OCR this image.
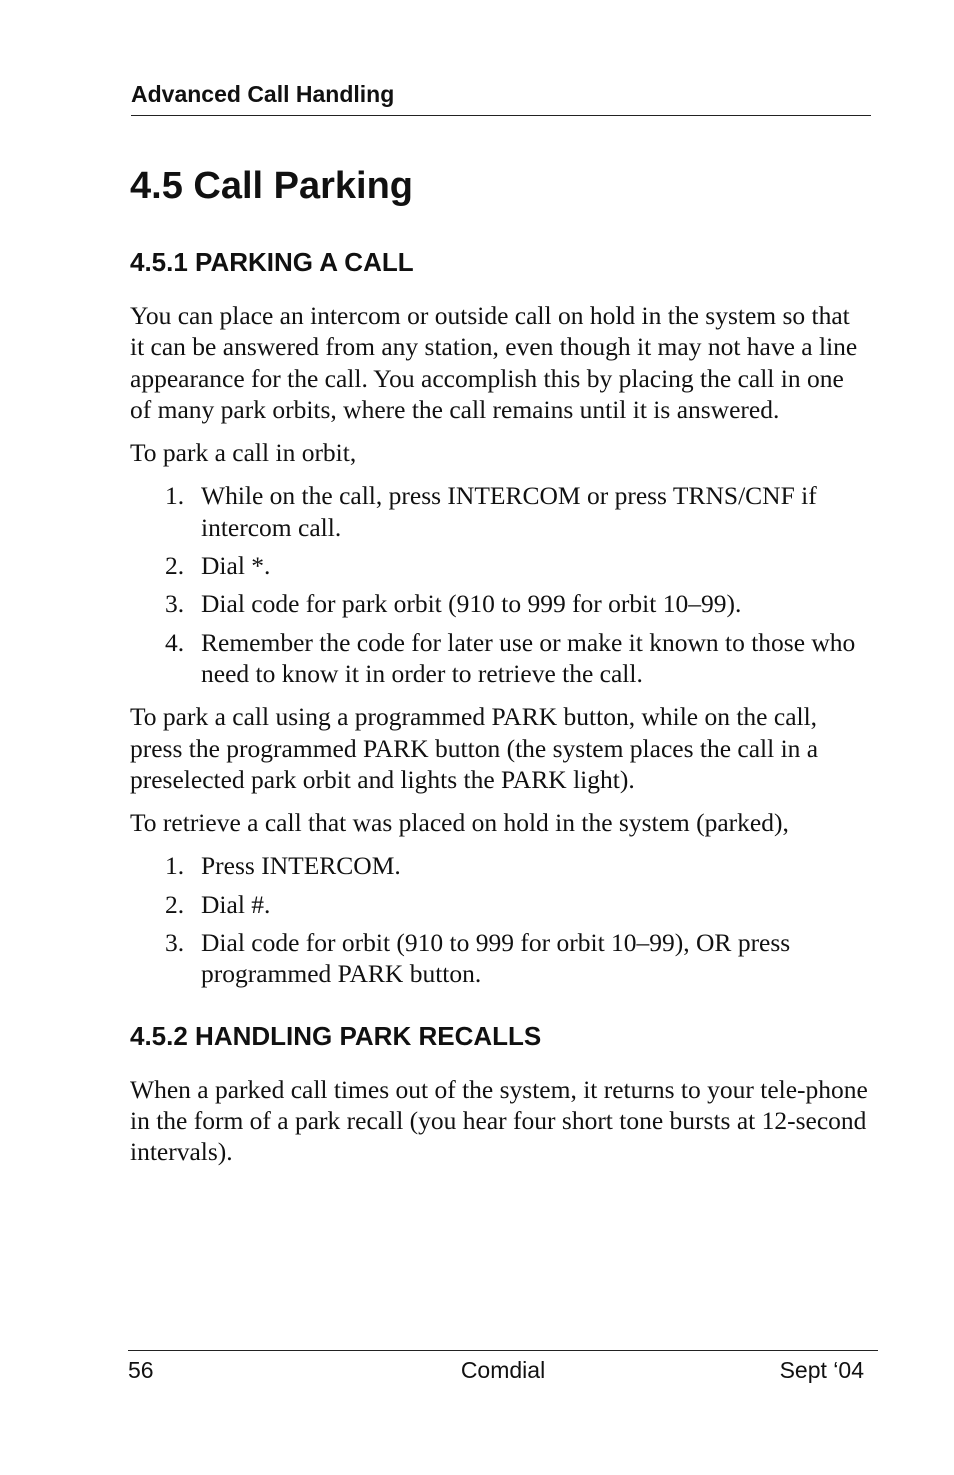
Advanced Call Handling
4.5 Call Parking
4.5.1 PARKING A CALL

You can place an intercom or outside call on hold in the system so that it can be answered from any station, even though it may not have a line appearance for the call. You accomplish this by placing the call in one of many park orbits, where the call remains until it is answered.

To park a call in orbit,

1. While on the call, press INTERCOM or press TRNS/CNF if intercom call.
2. Dial *.
3. Dial code for park orbit (910 to 999 for orbit 10–99).
4. Remember the code for later use or make it known to those who need to know it in order to retrieve the call.

To park a call using a programmed PARK button, while on the call, press the programmed PARK button (the system places the call in a preselected park orbit and lights the PARK light).

To retrieve a call that was placed on hold in the system (parked),

1. Press INTERCOM.
2. Dial #.
3. Dial code for orbit (910 to 999 for orbit 10–99), OR press programmed PARK button.
4.5.2 HANDLING PARK RECALLS

When a parked call times out of the system, it returns to your tele-phone in the form of a park recall (you hear four short tone bursts at 12-second intervals).

56	Comdial	Sept ‘04
